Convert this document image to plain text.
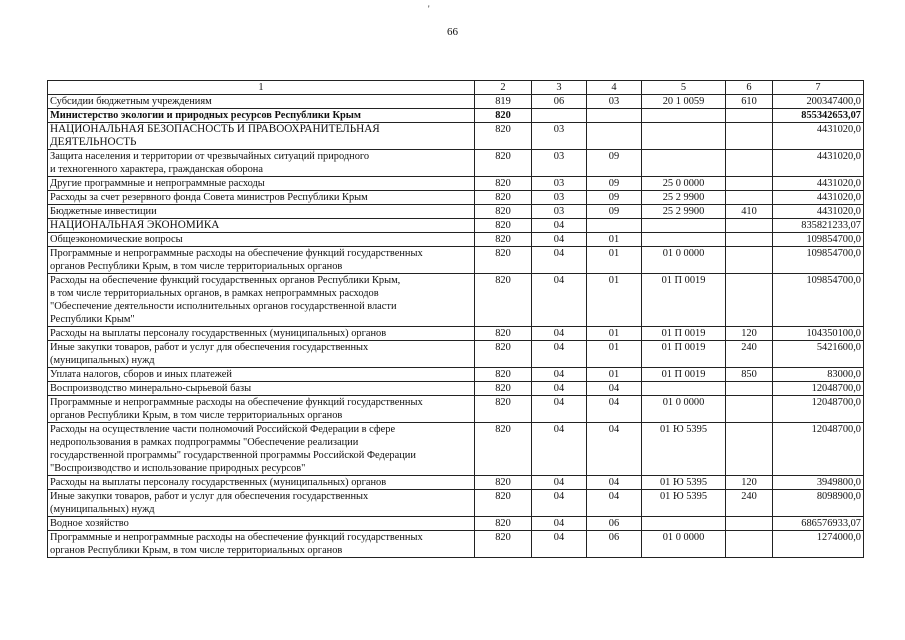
'
66
1	2	3	4	5	6	7

Субсидии бюджетным учреждениям	819	06	03	20 1 0059	610	200347400,0

Министерство экологии и природных ресурсов Республики Крым	820					855342653,07

НАЦИОНАЛЬНАЯ БЕЗОПАСНОСТЬ И ПРАВООХРАНИТЕЛЬНАЯ
ДЕЯТЕЛЬНОСТЬ	820	03				4431020,0

Защита населения и территории от чрезвычайных ситуаций природного
и техногенного характера, гражданская оборона	820	03	09			4431020,0

Другие программные и непрограммные расходы	820	03	09	25 0 0000		4431020,0

Расходы за счет резервного фонда Совета министров Республики Крым	820	03	09	25 2 9900		4431020,0

Бюджетные инвестиции	820	03	09	25 2 9900	410	4431020,0

НАЦИОНАЛЬНАЯ ЭКОНОМИКА	820	04				835821233,07

Общеэкономические вопросы	820	04	01			109854700,0

Программные и непрограммные расходы на обеспечение функций государственных
органов Республики Крым, в том числе территориальных органов	820	04	01	01 0 0000		109854700,0

Расходы на обеспечение функций государственных органов Республики Крым,
в том числе территориальных органов, в рамках непрограммных расходов
"Обеспечение деятельности исполнительных органов государственной власти
Республики Крым"	820	04	01	01 П 0019		109854700,0

Расходы на выплаты персоналу государственных (муниципальных) органов	820	04	01	01 П 0019	120	104350100,0

Иные закупки товаров, работ и услуг для обеспечения государственных
(муниципальных) нужд	820	04	01	01 П 0019	240	5421600,0

Уплата налогов, сборов и иных платежей	820	04	01	01 П 0019	850	83000,0

Воспроизводство минерально-сырьевой базы	820	04	04			12048700,0

Программные и непрограммные расходы на обеспечение функций государственных
органов Республики Крым, в том числе территориальных органов	820	04	04	01 0 0000		12048700,0

Расходы на осуществление части полномочий Российской Федерации в сфере
недропользования в рамках подпрограммы "Обеспечение реализации
государственной программы" государственной программы Российской Федерации
"Воспроизводство и использование природных ресурсов"	820	04	04	01 Ю 5395		12048700,0

Расходы на выплаты персоналу государственных (муниципальных) органов	820	04	04	01 Ю 5395	120	3949800,0

Иные закупки товаров, работ и услуг для обеспечения государственных
(муниципальных) нужд	820	04	04	01 Ю 5395	240	8098900,0

Водное хозяйство	820	04	06			686576933,07

Программные и непрограммные расходы на обеспечение функций государственных
органов Республики Крым, в том числе территориальных органов	820	04	06	01 0 0000		1274000,0
